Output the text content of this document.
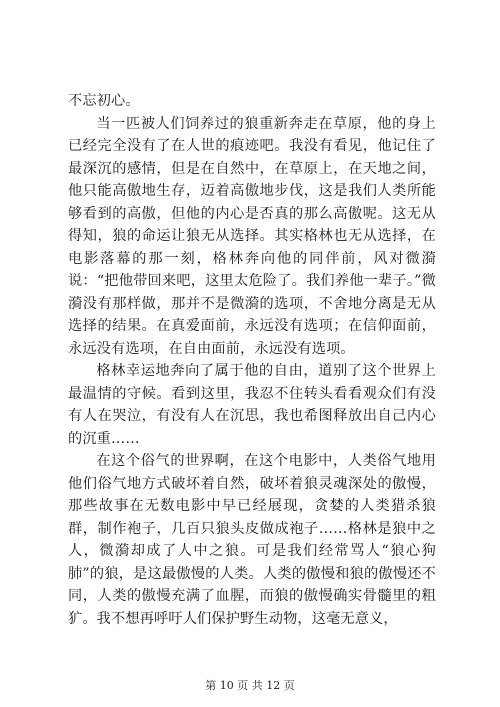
不忘初心。

当一匹被人们饲养过的狼重新奔走在草原，他的身上已经完全没有了在人世的痕迹吧。我没有看见，他记住了最深沉的感情，但是在自然中，在草原上，在天地之间，他只能高傲地生存，迈着高傲地步伐，这是我们人类所能够看到的高傲，但他的内心是否真的那么高傲呢。这无从得知，狼的命运让狼无从选择。其实格林也无从选择，在电影落幕的那一刻，格林奔向他的同伴前，风对微漪说：“把他带回来吧，这里太危险了。我们养他一辈子。”微漪没有那样做，那并不是微漪的选项，不舍地分离是无从选择的结果。在真爱面前，永远没有选项；在信仰面前，永远没有选项，在自由面前，永远没有选项。

格林幸运地奔向了属于他的自由，道别了这个世界上最温情的守候。看到这里，我忍不住转头看看观众们有没有人在哭泣，有没有人在沉思，我也希图释放出自己内心的沉重……

在这个俗气的世界啊，在这个电影中，人类俗气地用他们俗气地方式破坏着自然，破坏着狼灵魂深处的傲慢，那些故事在无数电影中早已经展现，贪婪的人类猎杀狼群，制作袍子，几百只狼头皮做成袍子……格林是狼中之人，微漪却成了人中之狼。可是我们经常骂人“狼心狗肺”的狼，是这最傲慢的人类。人类的傲慢和狼的傲慢还不同，人类的傲慢充满了血腥，而狼的傲慢确实骨髓里的粗犷。我不想再呼吁人们保护野生动物，这毫无意义，

第 10 页 共 12 页
